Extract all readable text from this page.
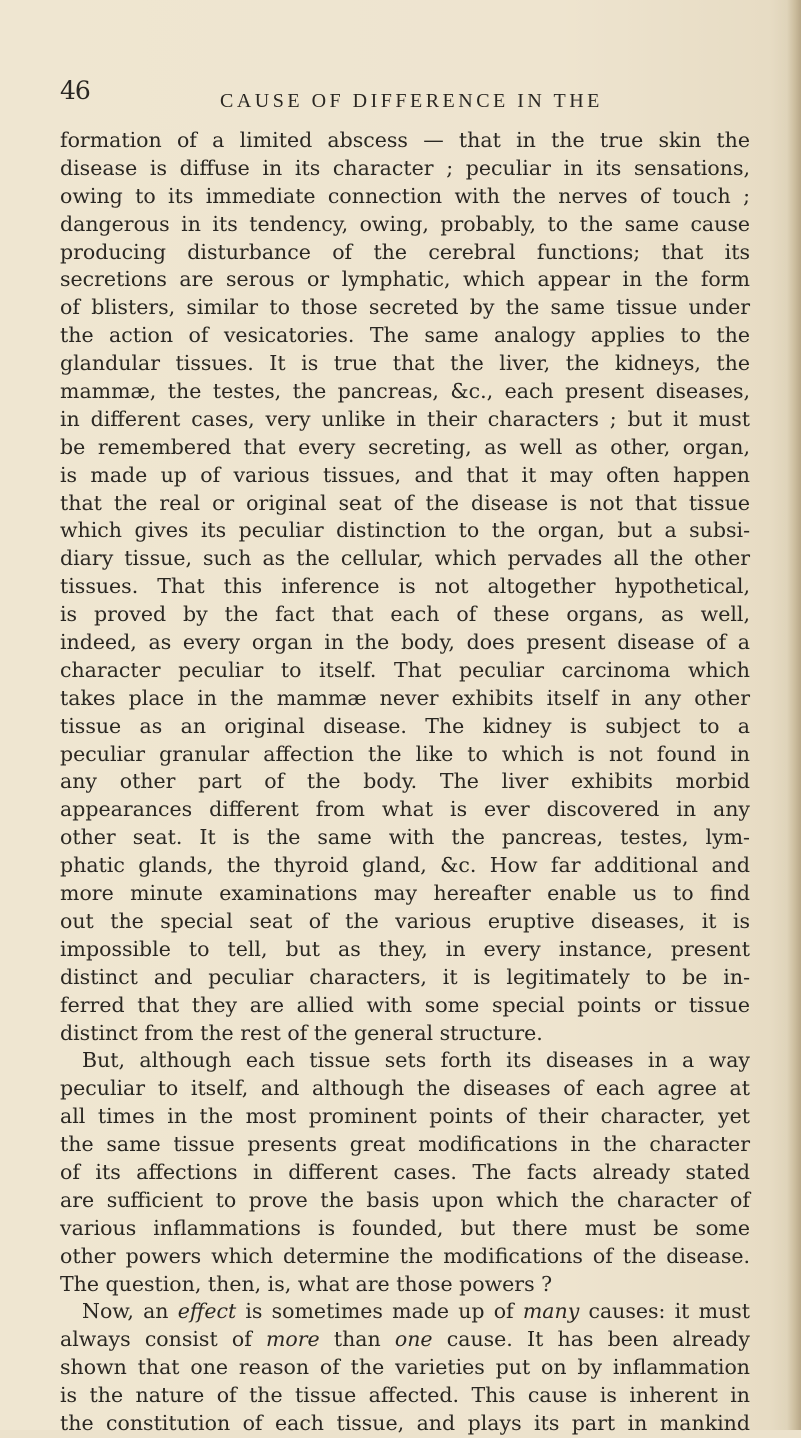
46	CAUSE OF DIFFERENCE IN THE
formation of a limited abscess — that in the true skin the
disease is diffuse in its character ; peculiar in its sensations,
owing to its immediate connection with the nerves of touch ;
dangerous in its tendency, owing, probably, to the same cause
producing disturbance of the cerebral functions; that its
secretions are serous or lymphatic, which appear in the form
of blisters, similar to those secreted by the same tissue under
the action of vesicatories. The same analogy applies to the
glandular tissues. It is true that the liver, the kidneys, the
mammæ, the testes, the pancreas, &c., each present diseases,
in different cases, very unlike in their characters ; but it must
be remembered that every secreting, as well as other, organ,
is made up of various tissues, and that it may often happen
that the real or original seat of the disease is not that tissue
which gives its peculiar distinction to the organ, but a subsi-
diary tissue, such as the cellular, which pervades all the other
tissues. That this inference is not altogether hypothetical,
is proved by the fact that each of these organs, as well,
indeed, as every organ in the body, does present disease of a
character peculiar to itself. That peculiar carcinoma which
takes place in the mammæ never exhibits itself in any other
tissue as an original disease. The kidney is subject to a
peculiar granular affection the like to which is not found in
any other part of the body. The liver exhibits morbid
appearances different from what is ever discovered in any
other seat. It is the same with the pancreas, testes, lym-
phatic glands, the thyroid gland, &c. How far additional and
more minute examinations may hereafter enable us to find
out the special seat of the various eruptive diseases, it is
impossible to tell, but as they, in every instance, present
distinct and peculiar characters, it is legitimately to be in-
ferred that they are allied with some special points or tissue
distinct from the rest of the general structure.
But, although each tissue sets forth its diseases in a way
peculiar to itself, and although the diseases of each agree at
all times in the most prominent points of their character, yet
the same tissue presents great modifications in the character
of its affections in different cases. The facts already stated
are sufficient to prove the basis upon which the character of
various inflammations is founded, but there must be some
other powers which determine the modifications of the disease.
The question, then, is, what are those powers ?
Now, an effect is sometimes made up of many causes: it must
always consist of more than one cause. It has been already
shown that one reason of the varieties put on by inflammation
is the nature of the tissue affected. This cause is inherent in
the constitution of each tissue, and plays its part in mankind
